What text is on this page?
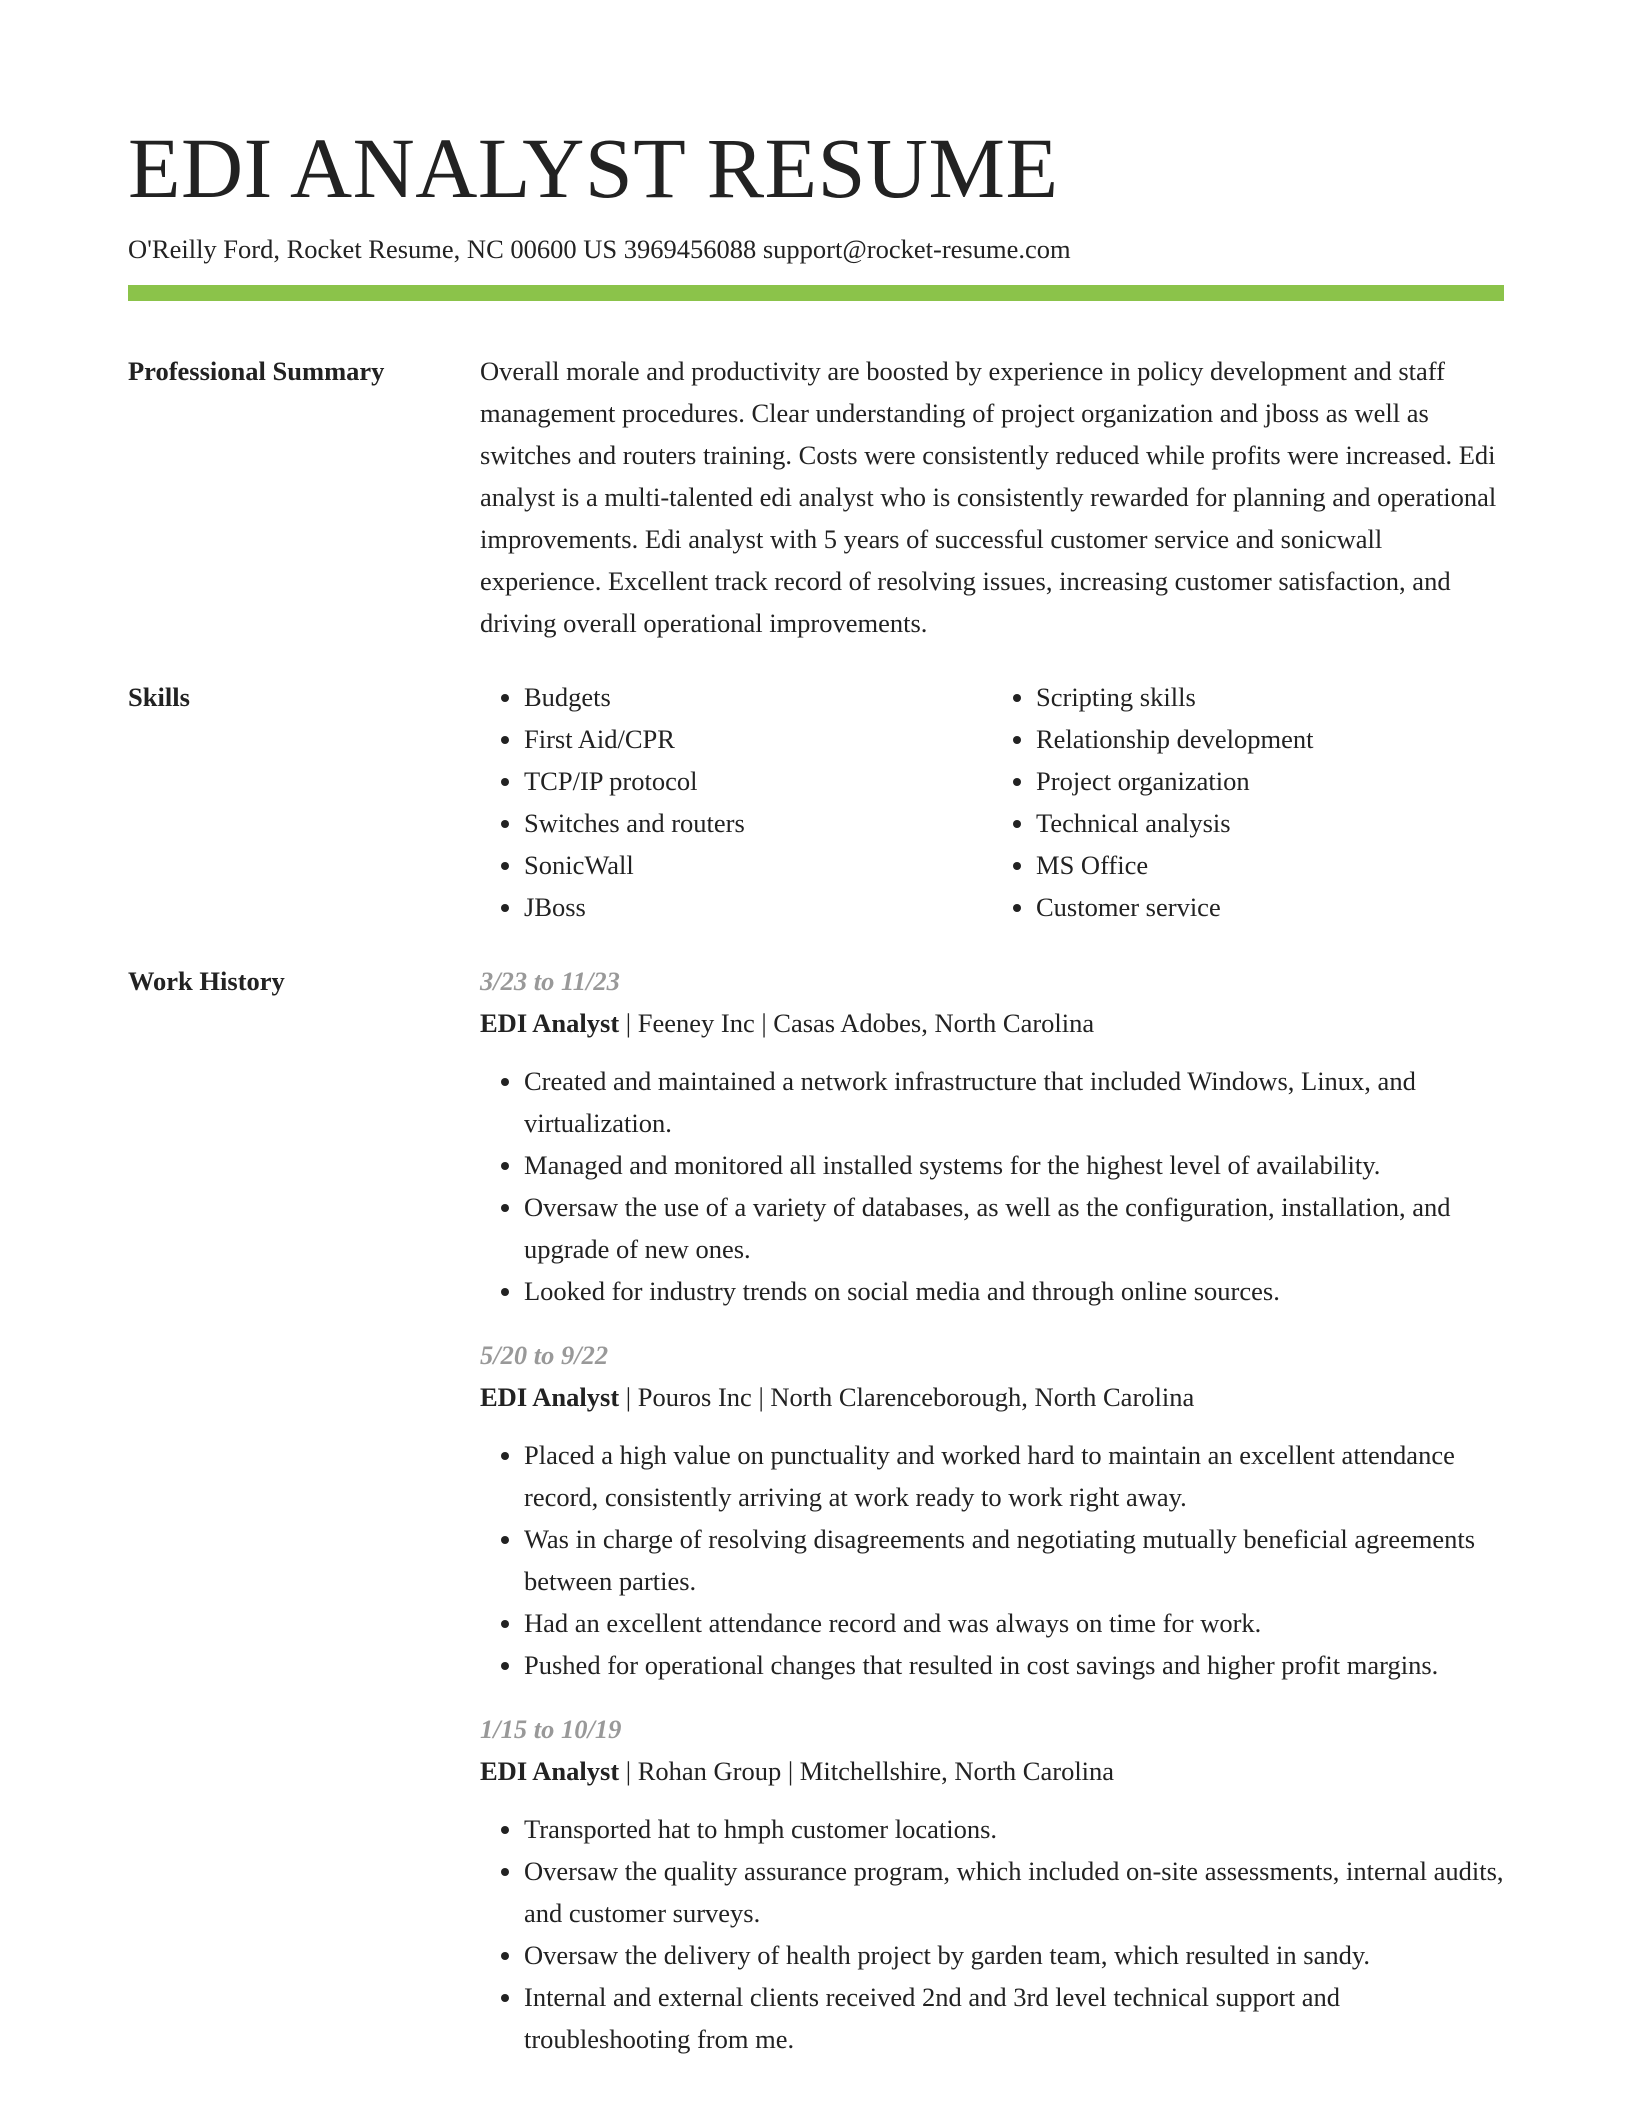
EDI ANALYST RESUME
O'Reilly Ford, Rocket Resume, NC 00600 US 3969456088 support@rocket-resume.com
Professional Summary	Overall morale and productivity are boosted by experience in policy development and staff management procedures. Clear understanding of project organization and jboss as well as switches and routers training. Costs were consistently reduced while profits were increased. Edi analyst is a multi-talented edi analyst who is consistently rewarded for planning and operational improvements. Edi analyst with 5 years of successful customer service and sonicwall experience. Excellent track record of resolving issues, increasing customer satisfaction, and driving overall operational improvements.

Skills
•	Budgets
• First Aid/CPR
• TCP/IP protocol
• Switches and routers
• SonicWall
• JBoss
• Scripting skills
• Relationship development
• Project organization
• Technical analysis
• MS Office
• Customer service
Work History	3/23 to 11/23
EDI Analyst | Feeney Inc | Casas Adobes, North Carolina
• Created and maintained a network infrastructure that included Windows, Linux, and virtualization.
• Managed and monitored all installed systems for the highest level of availability.
• Oversaw the use of a variety of databases, as well as the configuration, installation, and upgrade of new ones.
• Looked for industry trends on social media and through online sources.
5/20 to 9/22
EDI Analyst | Pouros Inc | North Clarenceborough, North Carolina
• Placed a high value on punctuality and worked hard to maintain an excellent attendance record, consistently arriving at work ready to work right away.
• Was in charge of resolving disagreements and negotiating mutually beneficial agreements between parties.
• Had an excellent attendance record and was always on time for work.
• Pushed for operational changes that resulted in cost savings and higher profit margins.
1/15 to 10/19
EDI Analyst | Rohan Group | Mitchellshire, North Carolina
• Transported hat to hmph customer locations.
• Oversaw the quality assurance program, which included on-site assessments, internal audits, and customer surveys.
• Oversaw the delivery of health project by garden team, which resulted in sandy.
• Internal and external clients received 2nd and 3rd level technical support and troubleshooting from me.
